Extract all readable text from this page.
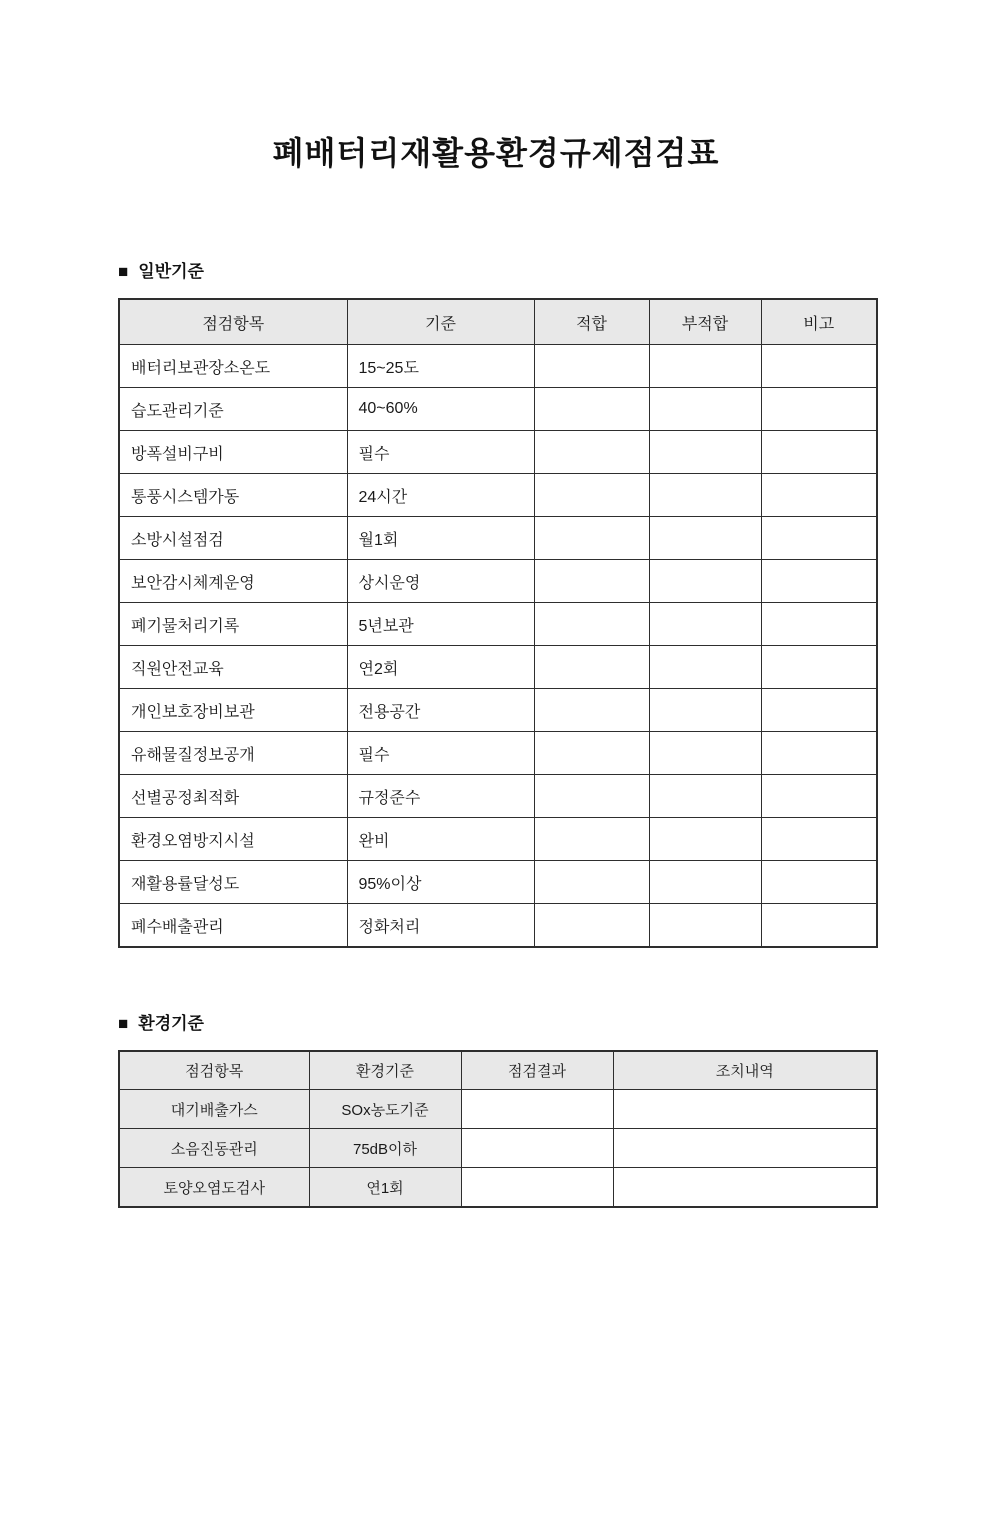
폐배터리재활용환경규제점검표
■ 일반기준
점검항목	기준	적합	부적합	비고
배터리보관장소온도	15~25도			
습도관리기준	40~60%			
방폭설비구비	필수			
통풍시스템가동	24시간			
소방시설점검	월1회			
보안감시체계운영	상시운영			
폐기물처리기록	5년보관			
직원안전교육	연2회			
개인보호장비보관	전용공간			
유해물질정보공개	필수			
선별공정최적화	규정준수			
환경오염방지시설	완비			
재활용률달성도	95%이상			
폐수배출관리	정화처리			
■ 환경기준
점검항목	환경기준	점검결과	조치내역
대기배출가스	SOx농도기준		
소음진동관리	75dB이하		
토양오염도검사	연1회		
